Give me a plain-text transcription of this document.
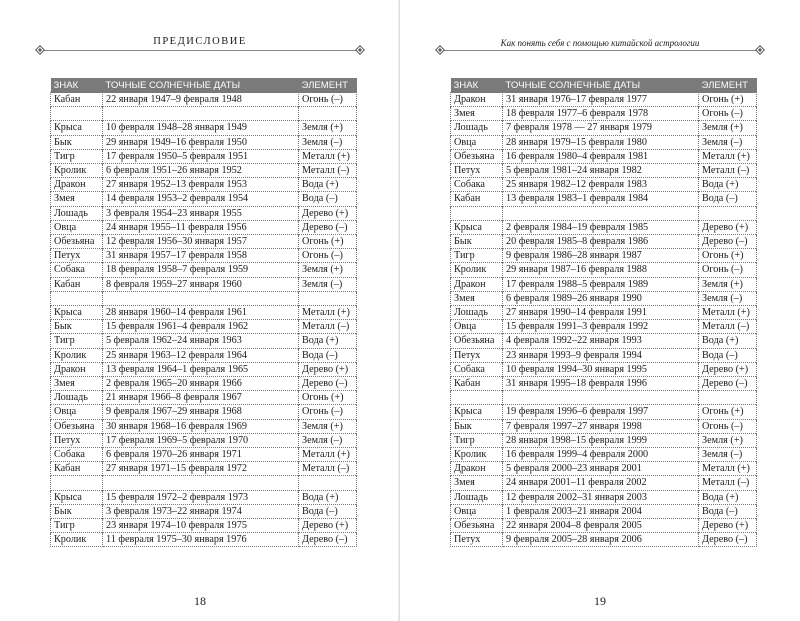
ПРЕДИСЛОВИЕ
ЗНАК	ТОЧНЫЕ СОЛНЕЧНЫЕ ДАТЫ	ЭЛЕМЕНТ
Кабан	22 января 1947–9 февраля 1948	Огонь (–)

Крыса	10 февраля 1948–28 января 1949	Земля (+)
Бык	29 января 1949–16 февраля 1950	Земля (–)
Тигр	17 февраля 1950–5 февраля 1951	Металл (+)
Кролик	6 февраля 1951–26 января 1952	Металл (–)
Дракон	27 января 1952–13 февраля 1953	Вода (+)
Змея	14 февраля 1953–2 февраля 1954	Вода (–)
Лошадь	3 февраля 1954–23 января 1955	Дерево (+)
Овца	24 января 1955–11 февраля 1956	Дерево (–)
Обезьяна	12 февраля 1956–30 января 1957	Огонь (+)
Петух	31 января 1957–17 февраля 1958	Огонь (–)
Собака	18 февраля 1958–7 февраля 1959	Земля (+)
Кабан	8 февраля 1959–27 января 1960	Земля (–)

Крыса	28 января 1960–14 февраля 1961	Металл (+)
Бык	15 февраля 1961–4 февраля 1962	Металл (–)
Тигр	5 февраля 1962–24 января 1963	Вода (+)
Кролик	25 января 1963–12 февраля 1964	Вода (–)
Дракон	13 февраля 1964–1 февраля 1965	Дерево (+)
Змея	2 февраля 1965–20 января 1966	Дерево (–)
Лошадь	21 января 1966–8 февраля 1967	Огонь (+)
Овца	9 февраля 1967–29 января 1968	Огонь (–)
Обезьяна	30 января 1968–16 февраля 1969	Земля (+)
Петух	17 февраля 1969–5 февраля 1970	Земля (–)
Собака	6 февраля 1970–26 января 1971	Металл (+)
Кабан	27 января 1971–15 февраля 1972	Металл (–)

Крыса	15 февраля 1972–2 февраля 1973	Вода (+)
Бык	3 февраля 1973–22 января 1974	Вода (–)
Тигр	23 января 1974–10 февраля 1975	Дерево (+)
Кролик	11 февраля 1975–30 января 1976	Дерево (–)
18
Как понять себя с помощью китайской астрологии
ЗНАК	ТОЧНЫЕ СОЛНЕЧНЫЕ ДАТЫ	ЭЛЕМЕНТ
Дракон	31 января 1976–17 февраля 1977	Огонь (+)
Змея	18 февраля 1977–6 февраля 1978	Огонь (–)
Лошадь	7 февраля 1978 — 27 января 1979	Земля (+)
Овца	28 января 1979–15 февраля 1980	Земля (–)
Обезьяна	16 февраля 1980–4 февраля 1981	Металл (+)
Петух	5 февраля 1981–24 января 1982	Металл (–)
Собака	25 января 1982–12 февраля 1983	Вода (+)
Кабан	13 февраля 1983–1 февраля 1984	Вода (–)

Крыса	2 февраля 1984–19 февраля 1985	Дерево (+)
Бык	20 февраля 1985–8 февраля 1986	Дерево (–)
Тигр	9 февраля 1986–28 января 1987	Огонь (+)
Кролик	29 января 1987–16 февраля 1988	Огонь (–)
Дракон	17 февраля 1988–5 февраля 1989	Земля (+)
Змея	6 февраля 1989–26 января 1990	Земля (–)
Лошадь	27 января 1990–14 февраля 1991	Металл (+)
Овца	15 февраля 1991–3 февраля 1992	Металл (–)
Обезьяна	4 февраля 1992–22 января 1993	Вода (+)
Петух	23 января 1993–9 февраля 1994	Вода (–)
Собака	10 февраля 1994–30 января 1995	Дерево (+)
Кабан	31 января 1995–18 февраля 1996	Дерево (–)

Крыса	19 февраля 1996–6 февраля 1997	Огонь (+)
Бык	7 февраля 1997–27 января 1998	Огонь (–)
Тигр	28 января 1998–15 февраля 1999	Земля (+)
Кролик	16 февраля 1999–4 февраля 2000	Земля (–)
Дракон	5 февраля 2000–23 января 2001	Металл (+)
Змея	24 января 2001–11 февраля 2002	Металл (–)
Лошадь	12 февраля 2002–31 января 2003	Вода (+)
Овца	1 февраля 2003–21 января 2004	Вода (–)
Обезьяна	22 января 2004–8 февраля 2005	Дерево (+)
Петух	9 февраля 2005–28 января 2006	Дерево (–)
19
